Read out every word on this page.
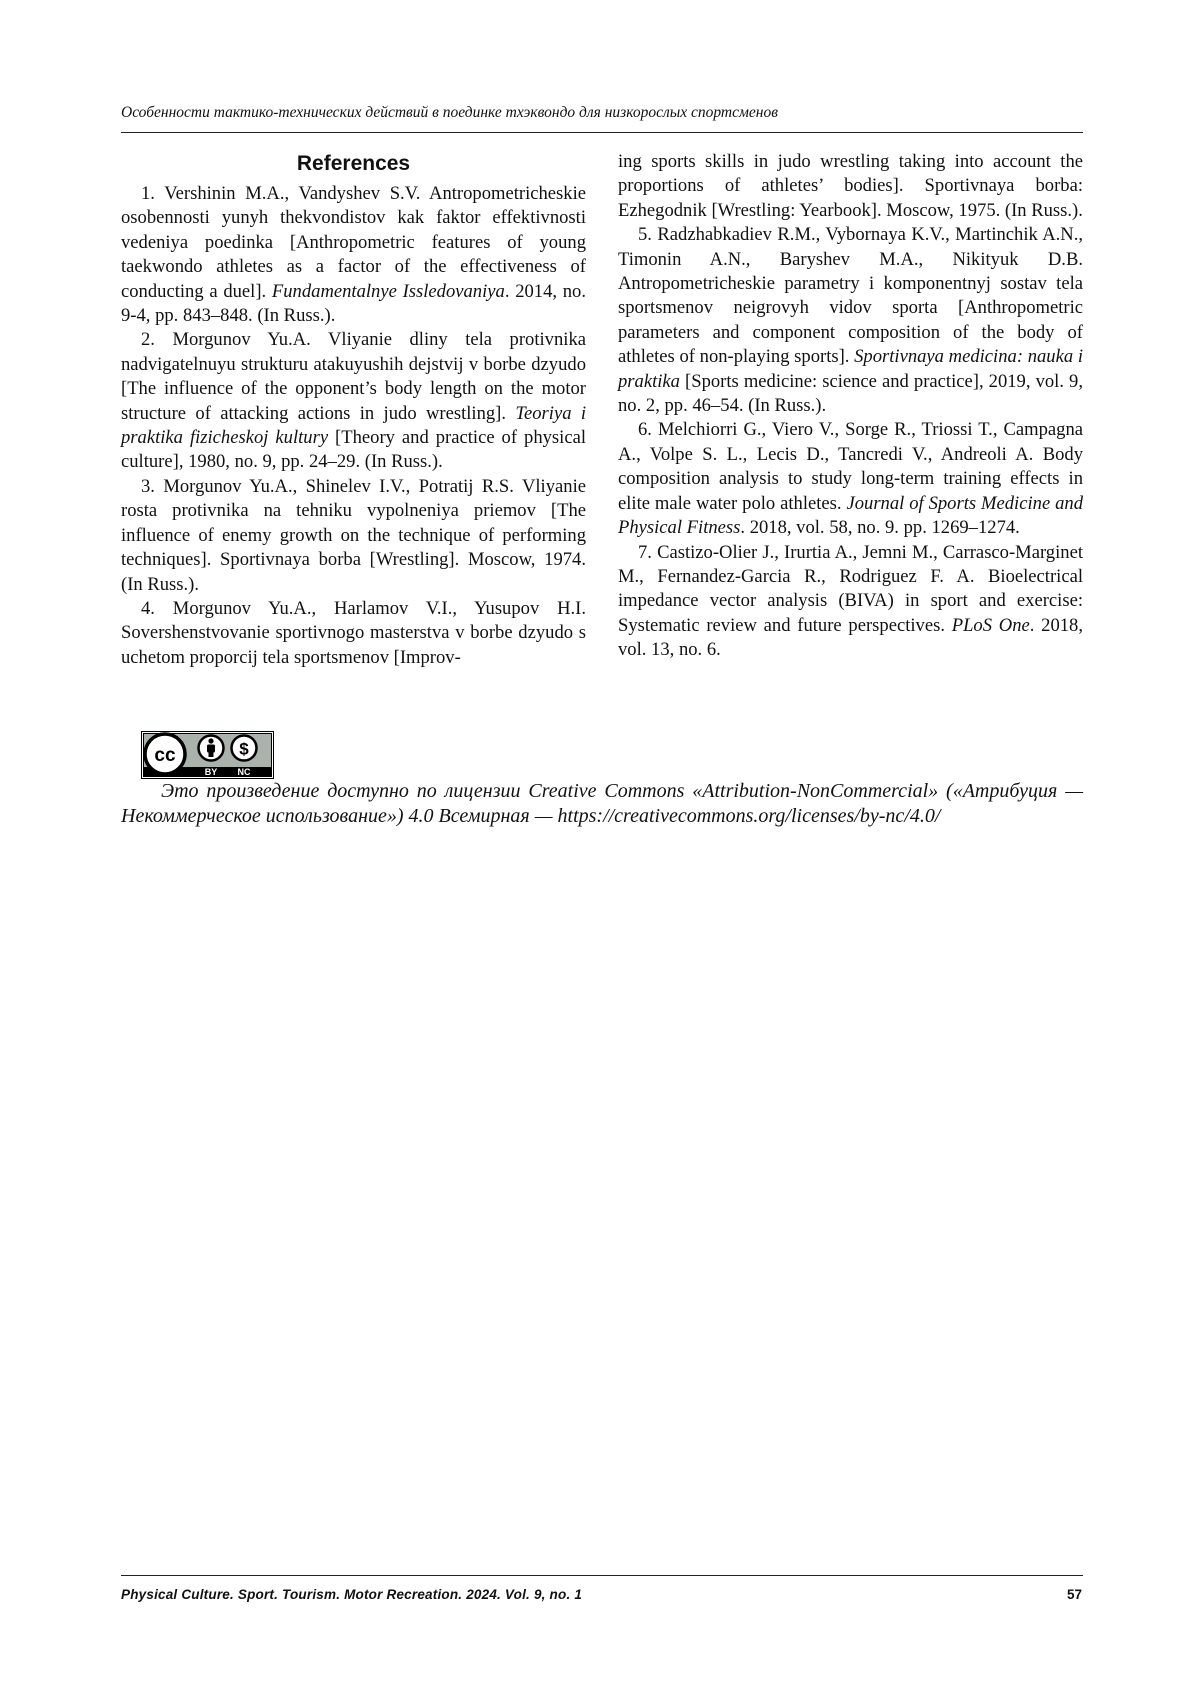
Особенности тактико-технических действий в поединке тхэквондо для низкорослых спортсменов
References

1. Vershinin M.A., Vandyshev S.V. Antropometricheskie osobennosti yunyh thekvondistov kak faktor effektivnosti vedeniya poedinka [Anthropometric features of young taekwondo athletes as a factor of the effectiveness of conducting a duel]. Fundamentalnye Issledovaniya. 2014, no. 9-4, pp. 843–848. (In Russ.).

2. Morgunov Yu.A. Vliyanie dliny tela protivnika nadvigatelnuyu strukturu atakuyushih dejstvij v borbe dzyudo [The influence of the opponent’s body length on the motor structure of attacking actions in judo wrestling]. Teoriya i praktika fizicheskoj kultury [Theory and practice of physical culture], 1980, no. 9, pp. 24–29. (In Russ.).

3. Morgunov Yu.A., Shinelev I.V., Potratij R.S. Vliyanie rosta protivnika na tehniku vypolneniya priemov [The influence of enemy growth on the technique of performing techniques]. Sportivnaya borba [Wrestling]. Moscow, 1974. (In Russ.).

4. Morgunov Yu.A., Harlamov V.I., Yusupov H.I. Sovershenstvovanie sportivnogo masterstva v borbe dzyudo s uchetom proporcij tela sportsmenov [Improv-

ing sports skills in judo wrestling taking into account the proportions of athletes’ bodies]. Sportivnaya borba: Ezhegodnik [Wrestling: Yearbook]. Moscow, 1975. (In Russ.).

5. Radzhabkadiev R.M., Vybornaya K.V., Martinchik A.N., Timonin A.N., Baryshev M.A., Nikityuk D.B. Antropometricheskie parametry i komponentnyj sostav tela sportsmenov neigrovyh vidov sporta [Anthropometric parameters and component composition of the body of athletes of non-playing sports]. Sportivnaya medicina: nauka i praktika [Sports medicine: science and practice], 2019, vol. 9, no. 2, pp. 46–54. (In Russ.).

6. Melchiorri G., Viero V., Sorge R., Triossi T., Campagna A., Volpe S. L., Lecis D., Tancredi V., Andreoli A. Body composition analysis to study long-term training effects in elite male water polo athletes. Journal of Sports Medicine and Physical Fitness. 2018, vol. 58, no. 9. pp. 1269–1274.

7. Castizo-Olier J., Irurtia A., Jemni M., Carrasco-Marginet M., Fernandez-Garcia R., Rodriguez F. A. Bioelectrical impedance vector analysis (BIVA) in sport and exercise: Systematic review and future perspectives. PLoS One. 2018, vol. 13, no. 6.

cc	$
BY NC
Это произведение доступно по лицензии Creative Commons «Attribution-NonCommercial» («Атрибуция — Некоммерческое использование») 4.0 Всемирная — https://creativecommons.org/licenses/by-nc/4.0/
Physical Culture. Sport. Tourism. Motor Recreation. 2024. Vol. 9, no. 1	57
